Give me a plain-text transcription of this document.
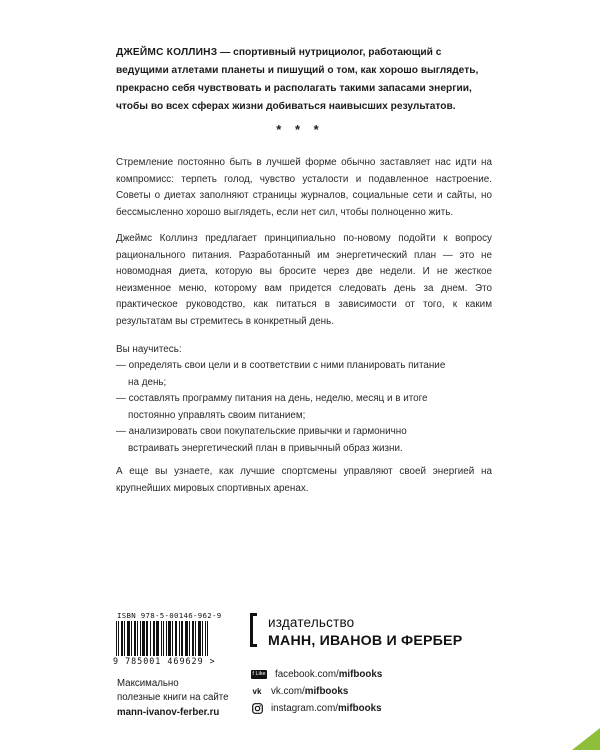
ДЖЕЙМС КОЛЛИНЗ — спортивный нутрициолог, работающий с ведущими атлетами планеты и пишущий о том, как хорошо выглядеть, прекрасно себя чувствовать и располагать такими запасами энергии, чтобы во всех сферах жизни добиваться наивысших результатов.
* * *
Стремление постоянно быть в лучшей форме обычно заставляет нас идти на компромисс: терпеть голод, чувство усталости и подавленное настроение. Советы о диетах заполняют страницы журналов, социальные сети и сайты, но бессмысленно хорошо выглядеть, если нет сил, чтобы полноценно жить.
Джеймс Коллинз предлагает принципиально по-новому подойти к вопросу рационального питания. Разработанный им энергетический план — это не новомодная диета, которую вы бросите через две недели. И не жесткое неизменное меню, которому вам придется следовать день за днем. Это практическое руководство, как питаться в зависимости от того, к каким результатам вы стремитесь в конкретный день.
Вы научитесь:
— определять свои цели и в соответствии с ними планировать питание
на день;
— составлять программу питания на день, неделю, месяц и в итоге
постоянно управлять своим питанием;
— анализировать свои покупательские привычки и гармонично
встраивать энергетический план в привычный образ жизни.
А еще вы узнаете, как лучшие спортсмены управляют своей энергией на крупнейших мировых спортивных аренах.
ISBN 978-5-00146-962-9
9 785001 469629 >
Максимально
полезные книги на сайте
mann-ivanov-ferber.ru
издательство
МАНН, ИВАНОВ И ФЕРБЕР
f Like facebook.com/ mifbooks
vk vk.com/ mifbooks
instagram.com/ mifbooks
